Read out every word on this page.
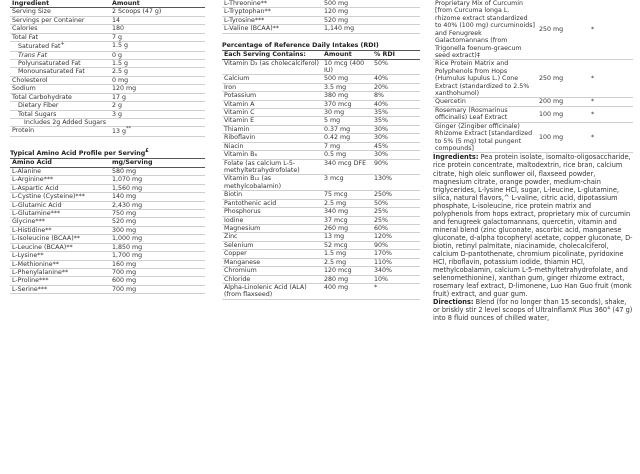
Ingredient	Amount
Serving Size	2 Scoops (47 g)
Servings per Container	14
Calories	180
Total Fat	7 g
Saturated Fat+	1.5 g
Trans Fat	0 g
Polyunsaturated Fat	1.5 g
Monounsaturated Fat	2.5 g
Cholesterol	0 mg
Sodium	120 mg
Total Carbohydrate	17 g
Dietary Fiber	2 g
Total Sugars	3 g
Includes 2g Added Sugars	
Protein	13 g**
Typical Amino Acid Profile per Serving£
Amino Acid	mg/Serving
L-Alanine	580 mg
L-Arginine***	1,070 mg
L-Aspartic Acid	1,560 mg
L-Cystine (Cysteine)***	140 mg
L-Glutamic Acid	2,430 mg
L-Glutamine***	750 mg
Glycine***	520 mg
L-Histidine**	300 mg
L-Isoleucine (BCAA)**	1,000 mg
L-Leucine (BCAA)**	1,850 mg
L-Lysine**	1,700 mg
L-Methionine**	160 mg
L-Phenylalanine**	700 mg
L-Proline***	600 mg
L-Serine***	700 mg
L-Threonine**	500 mg
L-Tryptophan**	120 mg
L-Tyrosine***	520 mg
L-Valine (BCAA)**	1,140 mg
Percentage of Reference Daily Intakes (RDI)
Each Serving Contains:	Amount	% RDI
Vitamin D₃ (as cholecalciferol)	10 mcg (400 IU)	50%
Calcium	500 mg	40%
Iron	3.5 mg	20%
Potassium	380 mg	8%
Vitamin A	370 mcg	40%
Vitamin C	30 mg	35%
Vitamin E	5 mg	35%
Thiamin	0.37 mg	30%
Riboflavin	0.42 mg	30%
Niacin	7 mg	45%
Vitamin B₆	0.5 mg	30%
Folate (as calcium L-5-methyltetrahydrofolate)	340 mcg DFE	90%
Vitamin B₁₂ (as methylcobalamin)	3 mcg	130%
Biotin	75 mcg	250%
Pantothenic acid	2.5 mg	50%
Phosphorus	340 mg	25%
Iodine	37 mcg	25%
Magnesium	260 mg	60%
Zinc	13 mg	120%
Selenium	52 mcg	90%
Copper	1.5 mg	170%
Manganese	2.5 mg	110%
Chromium	120 mcg	340%
Chloride	280 mg	10%
Alpha-Linolenic Acid (ALA) (from flaxseed)	400 mg	*
Proprietary Mix of Curcumin [from Curcuma longa L. rhizome extract standardized to 40% (100 mg) curcuminoids] and Fenugreek Galactomannans (from Trigonella foenum-graecum seed extract)‡	250 mg	*
Rice Protein Matrix and Polyphenols from Hops (Humulus lupulus L.) Cone Extract (standardized to 2.5% xanthohumol)	250 mg	*
Quercetin	200 mg	*
Rosemary (Rosmarinus officinalis) Leaf Extract	100 mg	*
Ginger (Zingiber officinale) Rhizome Extract [standardized to 5% (5 mg) total pungent compounds]	100 mg	*

Ingredients: Pea protein isolate, isomalto-oligosaccharide, rice protein concentrate, maltodextrin, rice bran, calcium citrate, high oleic sunflower oil, flaxseed powder, magnesium citrate, orange powder, medium-chain triglycerides, L-lysine HCl, sugar, L-leucine, L-glutamine, silica, natural flavors,^ L-valine, citric acid, dipotassium phosphate, L-isoleucine, rice protein matrix and polyphenols from hops extract, proprietary mix of curcumin and fenugreek galactomannans, quercetin, vitamin and mineral blend (zinc gluconate, ascorbic acid, manganese gluconate, d-alpha tocopheryl acetate, copper gluconate, D-biotin, retinyl palmitate, niacinamide, cholecalciferol, calcium D-pantothenate, chromium picolinate, pyridoxine HCl, riboflavin, potassium iodide, thiamin HCl, methylcobalamin, calcium L-5-methyltetrahydrofolate, and selenomethionine), xanthan gum, ginger rhizome extract, rosemary leaf extract, D-limonene, Luo Han Guo fruit (monk fruit) extract, and guar gum.

Directions: Blend (for no longer than 15 seconds), shake, or briskly stir 2 level scoops of UltraInflamX Plus 360° (47 g) into 8 fluid ounces of chilled water,
